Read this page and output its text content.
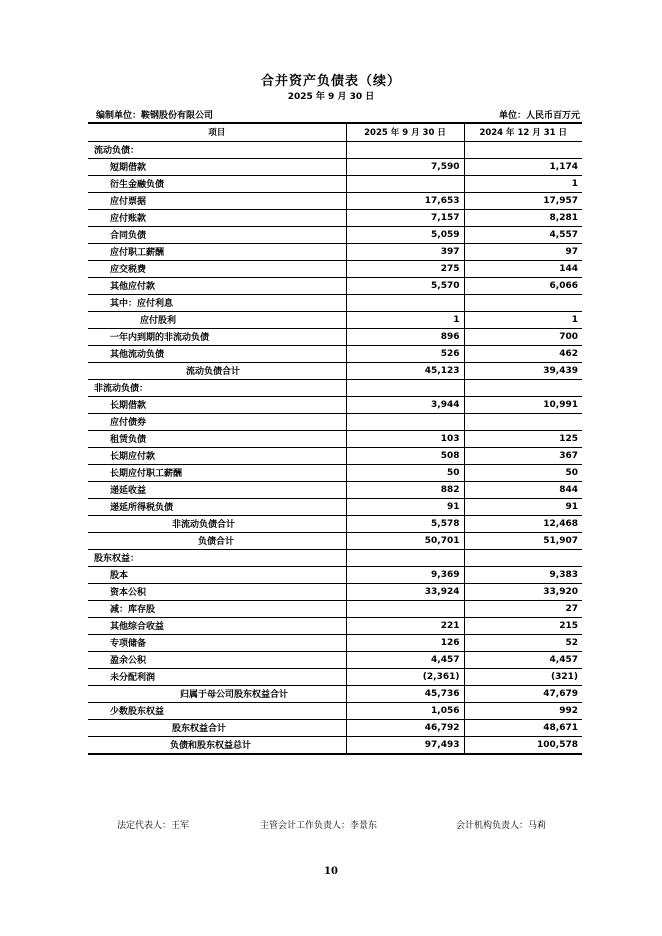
合并资产负债表（续）
2025 年 9 月 30 日
编制单位：鞍钢股份有限公司	单位：人民币百万元
项目	2025 年 9 月 30 日	2024 年 12 月 31 日
流动负债：		
短期借款	7,590	1,174
衍生金融负债		1
应付票据	17,653	17,957
应付账款	7,157	8,281
合同负债	5,059	4,557
应付职工薪酬	397	97
应交税费	275	144
其他应付款	5,570	6,066
其中：应付利息		
应付股利	1	1
一年内到期的非流动负债	896	700
其他流动负债	526	462
流动负债合计	45,123	39,439
非流动负债：		
长期借款	3,944	10,991
应付债券		
租赁负债	103	125
长期应付款	508	367
长期应付职工薪酬	50	50
递延收益	882	844
递延所得税负债	91	91
非流动负债合计	5,578	12,468
负债合计	50,701	51,907
股东权益：		
股本	9,369	9,383
资本公积	33,924	33,920
减：库存股		27
其他综合收益	221	215
专项储备	126	52
盈余公积	4,457	4,457
未分配利润	(2,361)	(321)
归属于母公司股东权益合计	45,736	47,679
少数股东权益	1,056	992
股东权益合计	46,792	48,671
负债和股东权益总计	97,493	100,578
法定代表人：王军	主管会计工作负责人：李景东	会计机构负责人：马莉
10
